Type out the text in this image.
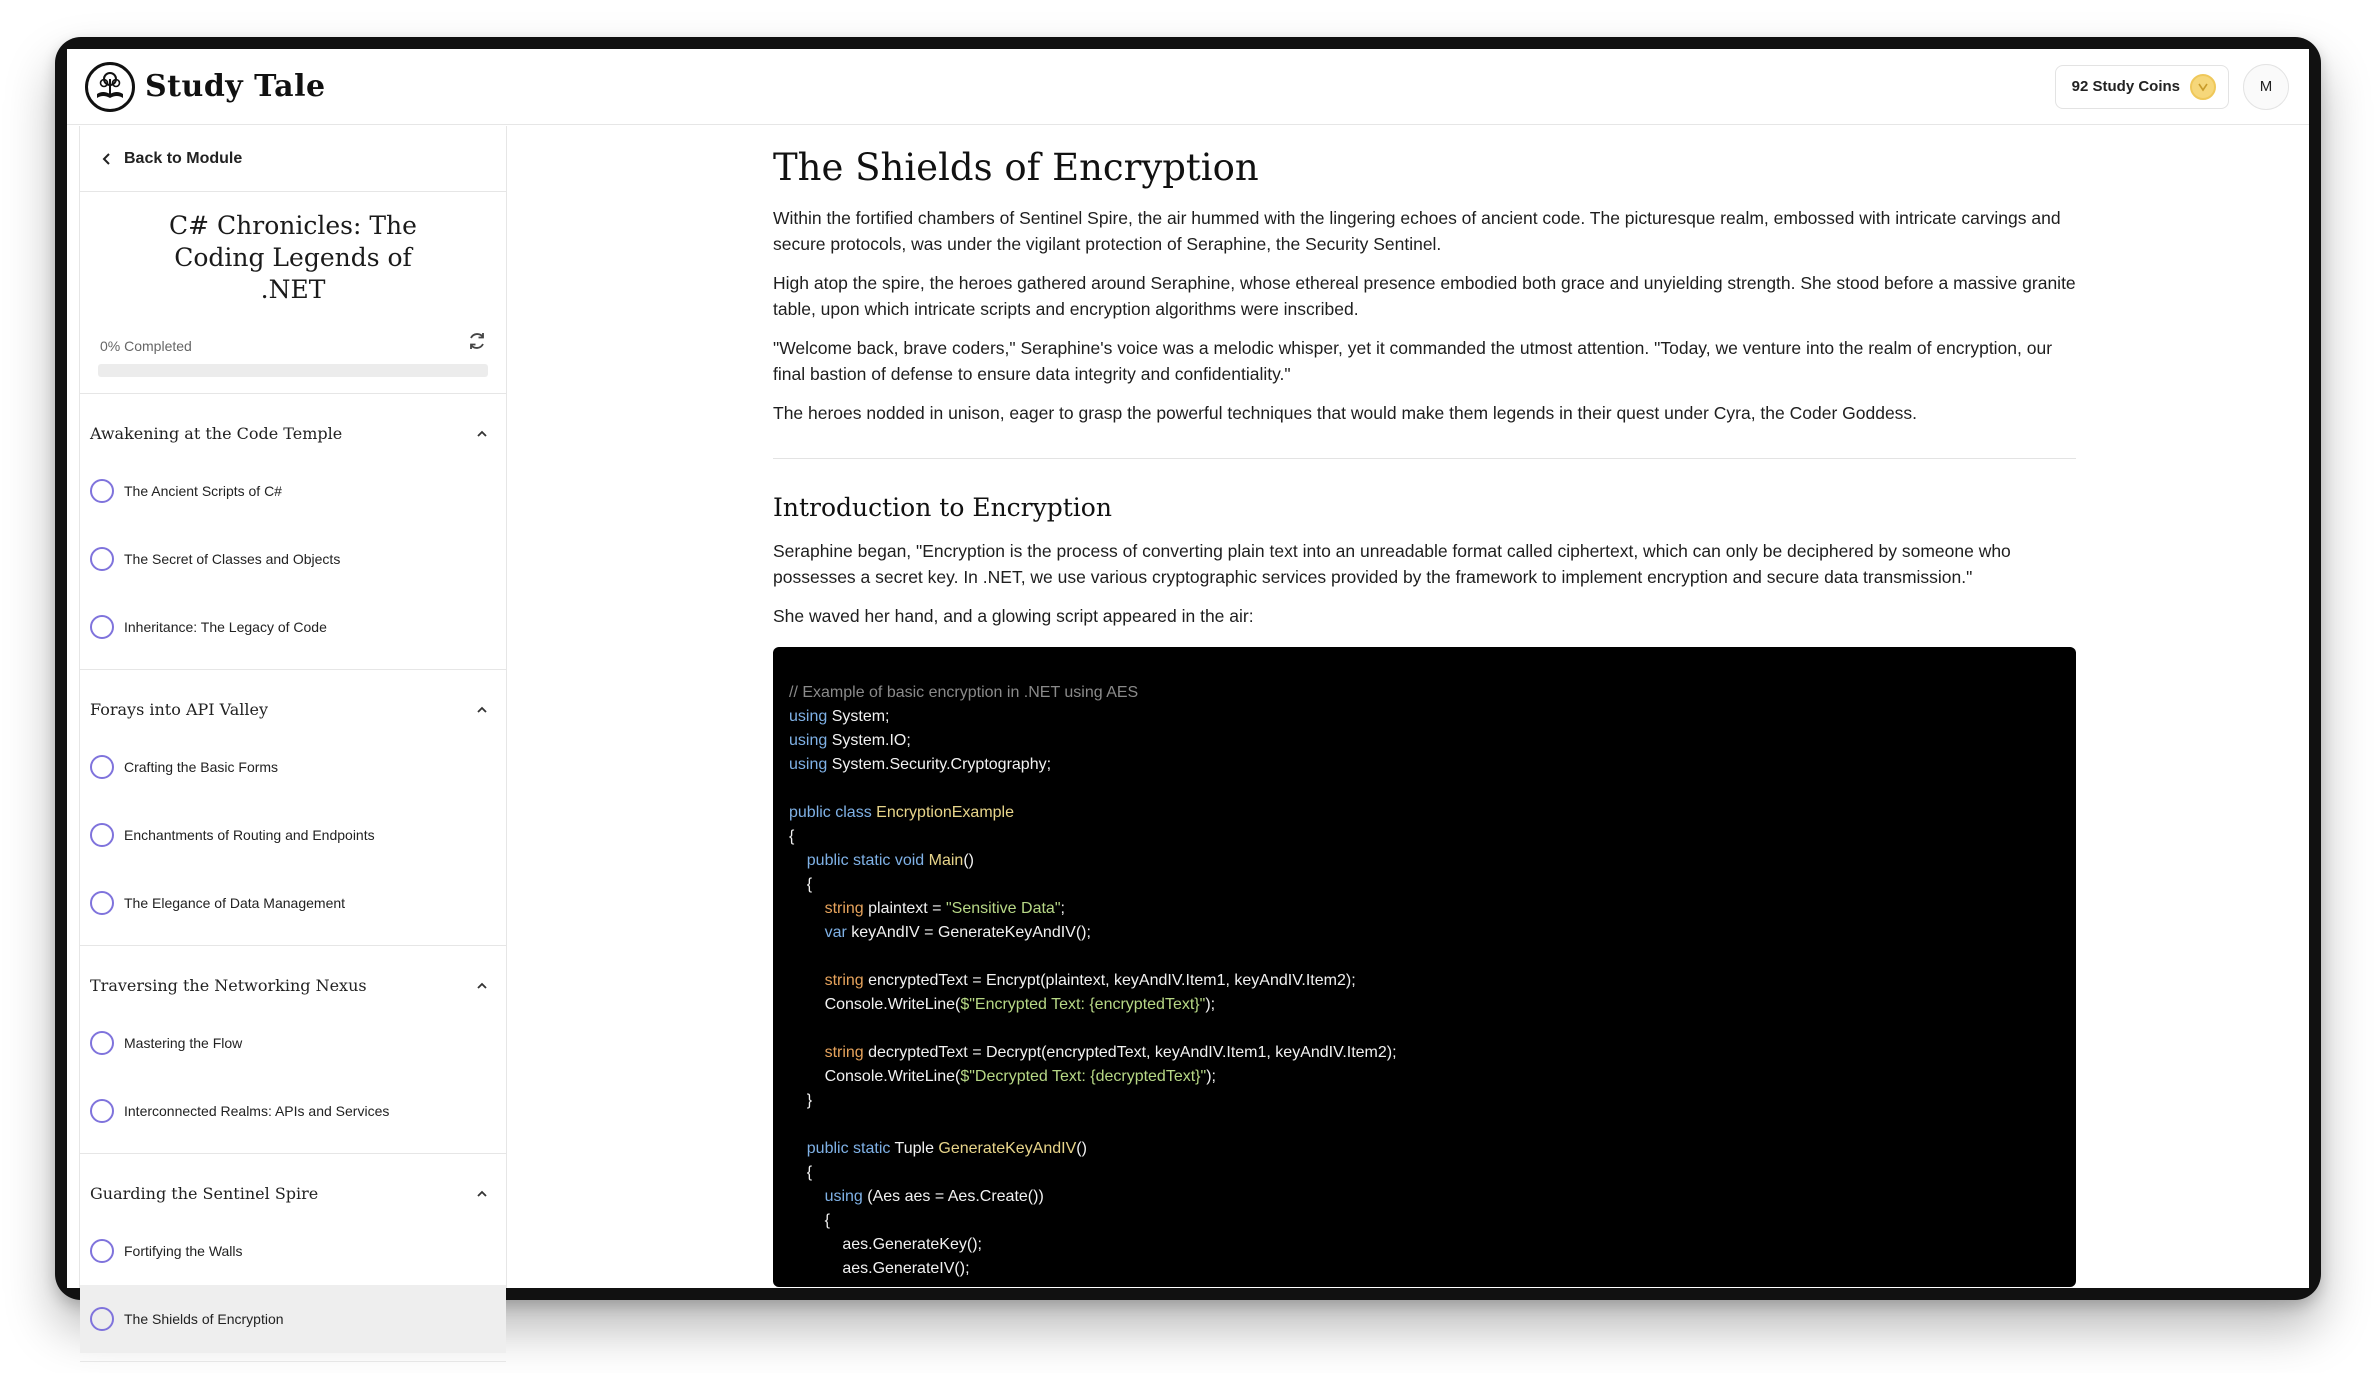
Study Tale	92 Study Coins	M
Back to Module
C# Chronicles: The Coding Legends of .NET
0% Completed
Awakening at the Code Temple
The Ancient Scripts of C#
The Secret of Classes and Objects
Inheritance: The Legacy of Code
Forays into API Valley
Crafting the Basic Forms
Enchantments of Routing and Endpoints
The Elegance of Data Management
Traversing the Networking Nexus
Mastering the Flow
Interconnected Realms: APIs and Services
Guarding the Sentinel Spire
Fortifying the Walls
The Shields of Encryption
The Shields of Encryption

Within the fortified chambers of Sentinel Spire, the air hummed with the lingering echoes of ancient code. The picturesque realm, embossed with intricate carvings and secure protocols, was under the vigilant protection of Seraphine, the Security Sentinel.

High atop the spire, the heroes gathered around Seraphine, whose ethereal presence embodied both grace and unyielding strength. She stood before a massive granite table, upon which intricate scripts and encryption algorithms were inscribed.

"Welcome back, brave coders," Seraphine's voice was a melodic whisper, yet it commanded the utmost attention. "Today, we venture into the realm of encryption, our final bastion of defense to ensure data integrity and confidentiality."

The heroes nodded in unison, eager to grasp the powerful techniques that would make them legends in their quest under Cyra, the Coder Goddess.

Introduction to Encryption

Seraphine began, "Encryption is the process of converting plain text into an unreadable format called ciphertext, which can only be deciphered by someone who possesses a secret key. In .NET, we use various cryptographic services provided by the framework to implement encryption and secure data transmission."

She waved her hand, and a glowing script appeared in the air:

// Example of basic encryption in .NET using AES
using System;
using System.IO;
using System.Security.Cryptography;
public class EncryptionExample
{
public static void Main()
{
string plaintext = "Sensitive Data";
var keyAndIV = GenerateKeyAndIV();
string encryptedText = Encrypt(plaintext, keyAndIV.Item1, keyAndIV.Item2);
Console.WriteLine($"Encrypted Text: {encryptedText}");
string decryptedText = Decrypt(encryptedText, keyAndIV.Item1, keyAndIV.Item2);
Console.WriteLine($"Decrypted Text: {decryptedText}");
}
public static Tuple GenerateKeyAndIV()
{
using (Aes aes = Aes.Create())
{
aes.GenerateKey();
aes.GenerateIV();
